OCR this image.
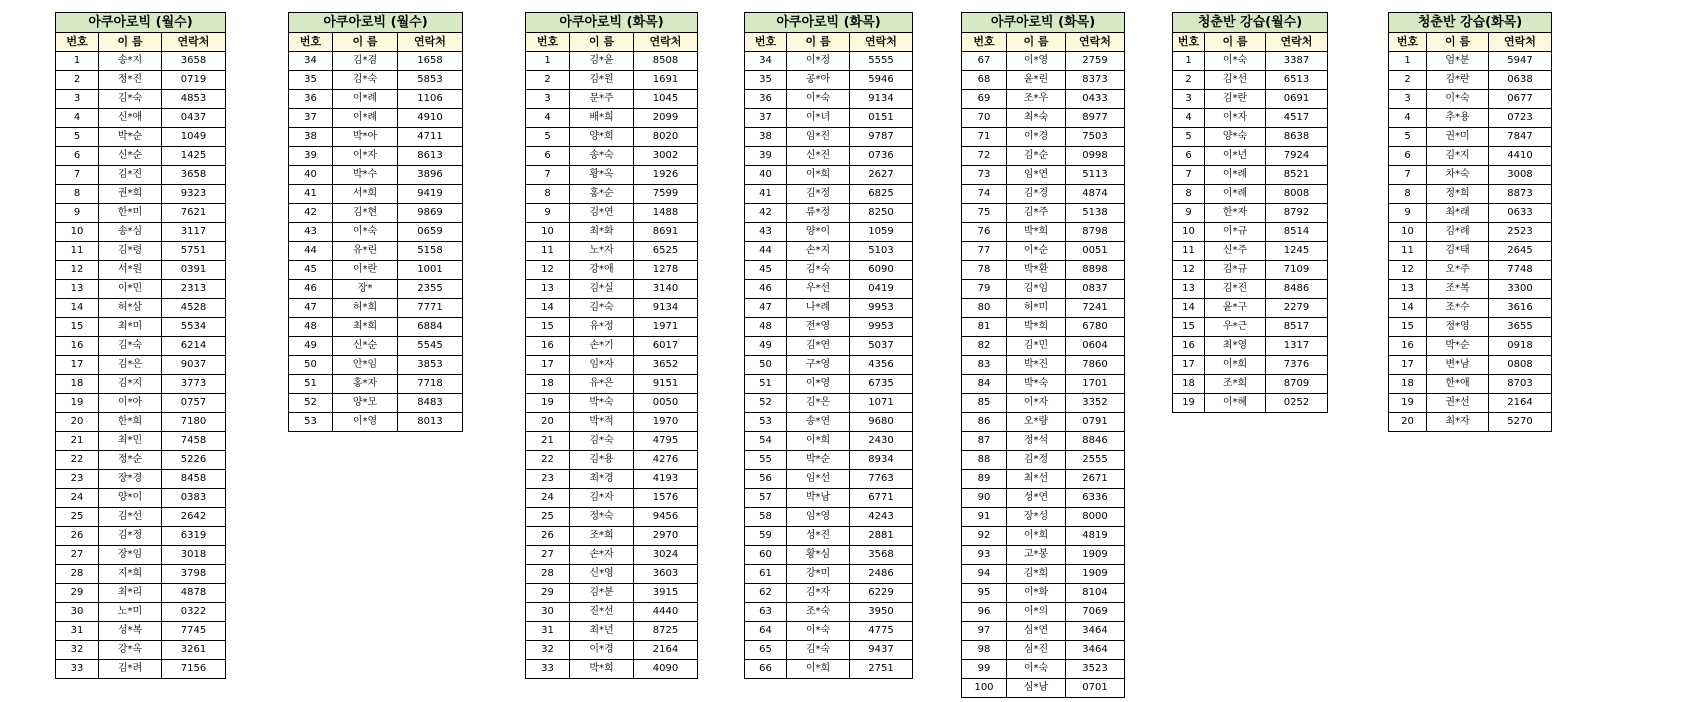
아쿠아로빅 (월수)		
번호	이 름	연락처
1	송*지	3658
2	정*진	0719
3	김*숙	4853
4	신*애	0437
5	박*순	1049
6	신*순	1425
7	김*진	3658
8	권*희	9323
9	한*미	7621
10	송*심	3117
11	김*령	5751
12	서*원	0391
13	이*민	2313
14	허*삼	4528
15	최*미	5534
16	김*숙	6214
17	김*은	9037
18	김*지	3773
19	이*아	0757
20	한*희	7180
21	최*민	7458
22	정*순	5226
23	장*경	8458
24	양*이	0383
25	김*선	2642
26	김*정	6319
27	장*임	3018
28	지*희	3798
29	최*리	4878
30	노*미	0322
31	성*복	7745
32	강*옥	3261
33	김*려	7156
아쿠아로빅 (월수)		
번호	이 름	연락처
34	김*겸	1658
35	김*숙	5853
36	이*례	1106
37	이*례	4910
38	박*아	4711
39	이*자	8613
40	박*수	3896
41	서*희	9419
42	김*현	9869
43	이*숙	0659
44	유*린	5158
45	이*란	1001
46	장*	2355
47	허*희	7771
48	최*희	6884
49	신*순	5545
50	안*임	3853
51	홍*자	7718
52	양*모	8483
53	이*영	8013
아쿠아로빅 (화목)		
번호	이 름	연락처
1	김*윤	8508
2	김*원	1691
3	문*주	1045
4	배*희	2099
5	양*희	8020
6	송*숙	3002
7	황*옥	1926
8	홍*순	7599
9	김*연	1488
10	최*화	8691
11	노*자	6525
12	강*애	1278
13	김*실	3140
14	김*숙	9134
15	유*정	1971
16	손*기	6017
17	임*자	3652
18	유*은	9151
19	박*숙	0050
20	박*적	1970
21	김*숙	4795
22	김*용	4276
23	최*경	4193
24	김*자	1576
25	정*숙	9456
26	조*희	2970
27	손*자	3024
28	신*영	3603
29	김*분	3915
30	진*선	4440
31	최*년	8725
32	이*경	2164
33	박*희	4090
아쿠아로빅 (화목)		
번호	이 름	연락처
34	이*정	5555
35	공*아	5946
36	이*숙	9134
37	이*녀	0151
38	임*진	9787
39	신*진	0736
40	이*희	2627
41	김*정	6825
42	류*정	8250
43	양*이	1059
44	손*지	5103
45	김*숙	6090
46	우*선	0419
47	나*례	9953
48	전*영	9953
49	김*연	5037
50	구*영	4356
51	이*영	6735
52	김*은	1071
53	송*연	9680
54	이*희	2430
55	박*순	8934
56	임*선	7763
57	박*남	6771
58	임*영	4243
59	성*진	2881
60	황*심	3568
61	강*미	2486
62	김*자	6229
63	조*숙	3950
64	이*숙	4775
65	김*숙	9437
66	이*희	2751
아쿠아로빅 (화목)		
번호	이 름	연락처
67	이*영	2759
68	윤*린	8373
69	조*우	0433
70	최*숙	8977
71	이*경	7503
72	김*순	0998
73	임*연	5113
74	김*경	4874
75	김*주	5138
76	박*희	8798
77	이*순	0051
78	박*환	8898
79	김*임	0837
80	허*미	7241
81	박*희	6780
82	김*민	0604
83	박*진	7860
84	박*숙	1701
85	이*자	3352
86	오*량	0791
87	정*석	8846
88	김*정	2555
89	최*선	2671
90	성*연	6336
91	장*성	8000
92	이*희	4819
93	고*봉	1909
94	김*희	1909
95	이*화	8104
96	이*의	7069
97	심*연	3464
98	심*진	3464
99	이*숙	3523
100	심*남	0701
청춘반 강습(월수)		
번호	이 름	연락처
1	이*숙	3387
2	김*선	6513
3	김*란	0691
4	이*자	4517
5	양*숙	8638
6	이*년	7924
7	이*례	8521
8	이*례	8008
9	한*자	8792
10	이*규	8514
11	신*주	1245
12	김*규	7109
13	김*진	8486
14	윤*구	2279
15	우*근	8517
16	최*영	1317
17	이*희	7376
18	조*희	8709
19	이*혜	0252
청춘반 강습(화목)		
번호	이 름	연락처
1	엄*분	5947
2	김*란	0638
3	이*숙	0677
4	추*용	0723
5	권*미	7847
6	김*지	4410
7	차*숙	3008
8	정*희	8873
9	최*래	0633
10	김*례	2523
11	김*태	2645
12	오*주	7748
13	조*복	3300
14	조*수	3616
15	정*영	3655
16	박*순	0918
17	변*남	0808
18	한*애	8703
19	권*선	2164
20	최*자	5270
